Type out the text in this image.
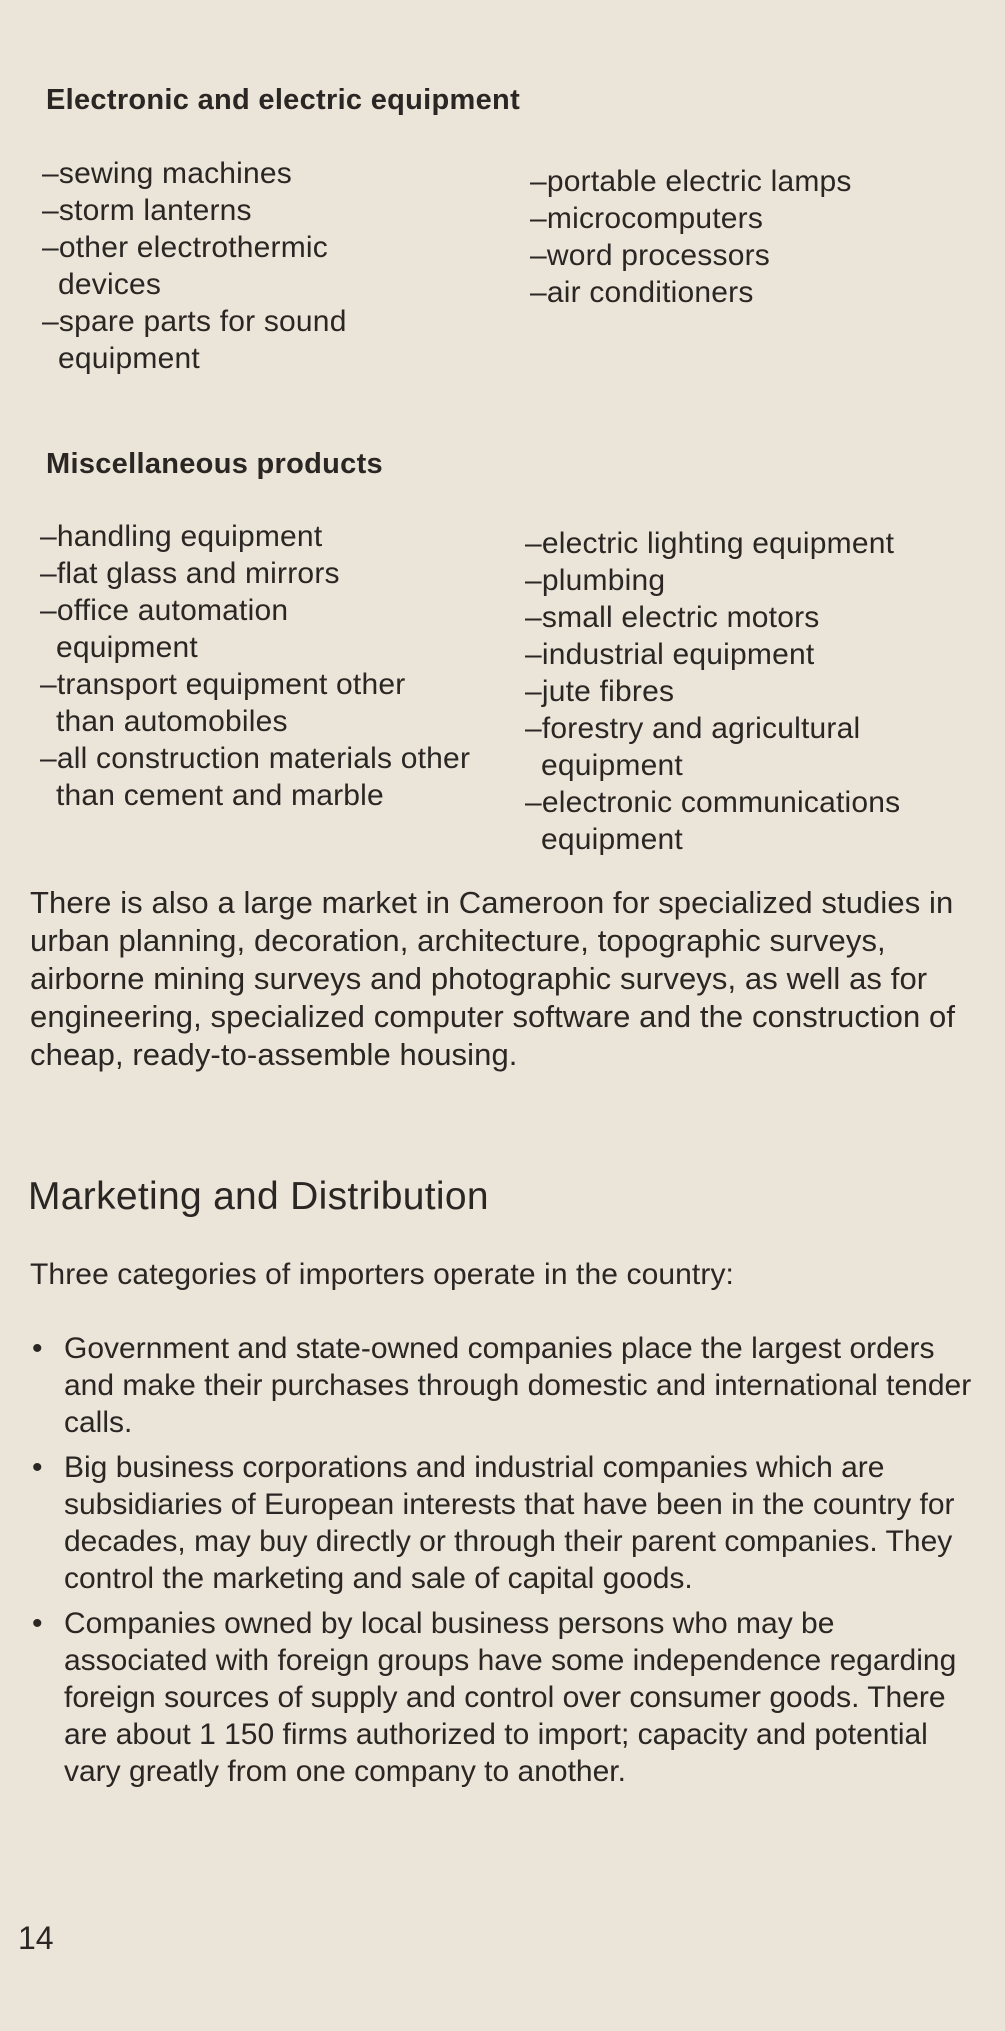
Electronic and electric equipment
–sewing machines
–storm lanterns
–other electrothermic devices
–spare parts for sound equipment
–portable electric lamps
–microcomputers
–word processors
–air conditioners
Miscellaneous products
–handling equipment
–flat glass and mirrors
–office automation equipment
–transport equipment other than automobiles
–all construction materials other than cement and marble
–electric lighting equipment
–plumbing
–small electric motors
–industrial equipment
–jute fibres
–forestry and agricultural equipment
–electronic communications equipment

There is also a large market in Cameroon for specialized studies in urban planning, decoration, architecture, topographic surveys, airborne mining surveys and photographic surveys, as well as for engineering, specialized computer software and the construction of cheap, ready-to-assemble housing.

Marketing and Distribution

Three categories of importers operate in the country:

• Government and state-owned companies place the largest orders and make their purchases through domestic and international tender calls.
• Big business corporations and industrial companies which are subsidiaries of European interests that have been in the country for decades, may buy directly or through their parent companies. They control the marketing and sale of capital goods.
• Companies owned by local business persons who may be associated with foreign groups have some independence regarding foreign sources of supply and control over consumer goods. There are about 1 150 firms authorized to import; capacity and potential vary greatly from one company to another.

14
